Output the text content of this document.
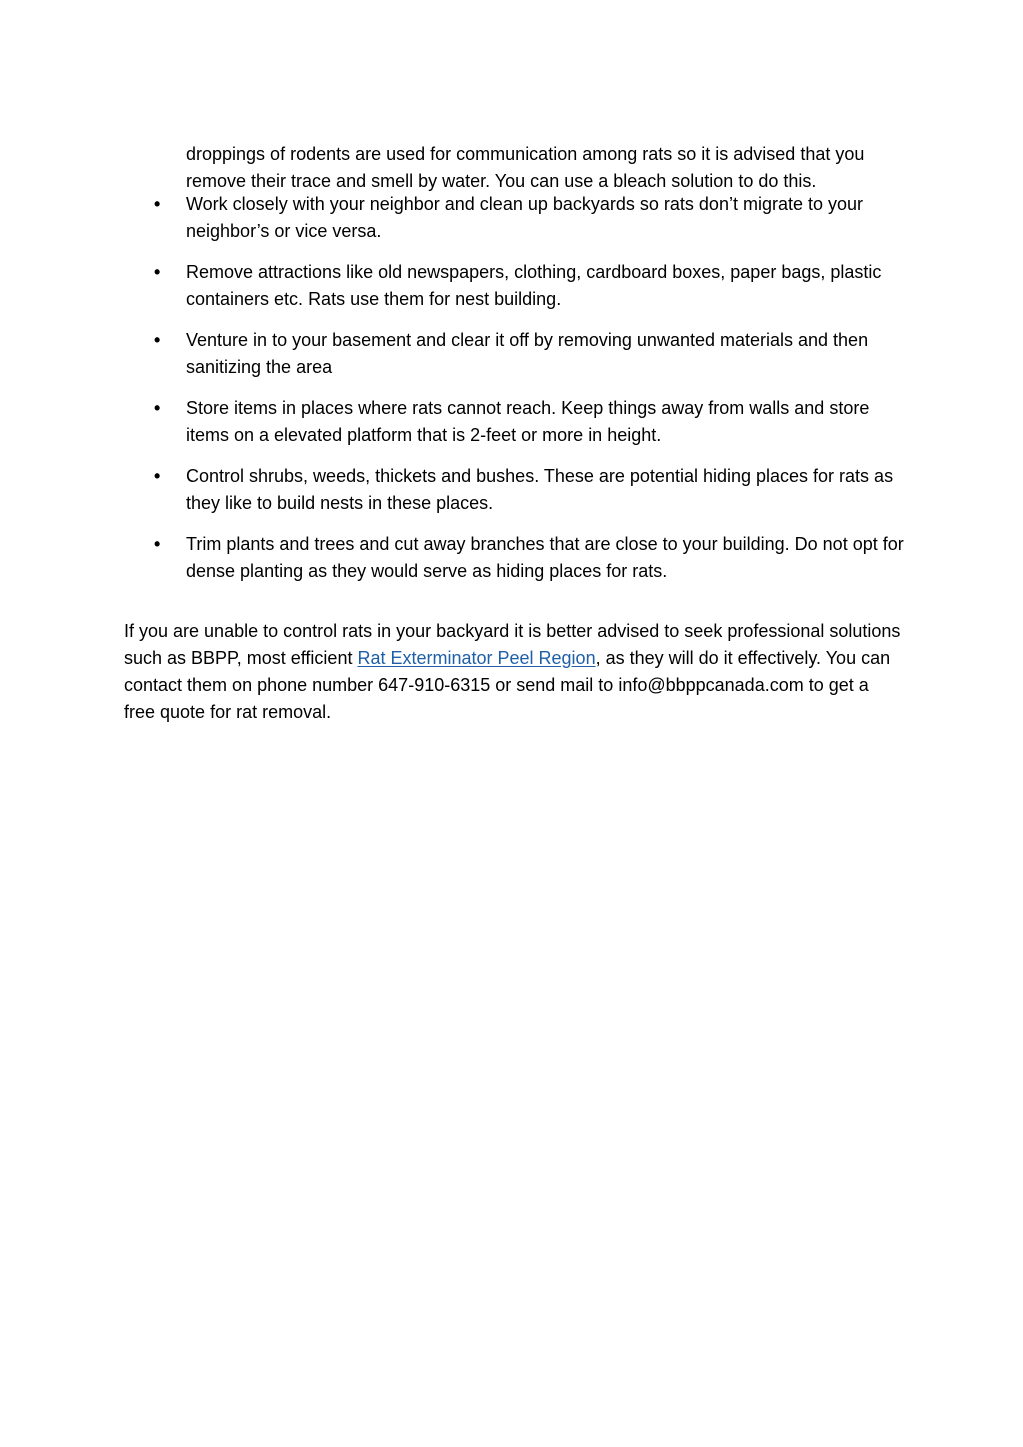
droppings of rodents are used for communication among rats so it is advised that you remove their trace and smell by water. You can use a bleach solution to do this.

•	Work closely with your neighbor and clean up backyards so rats don’t migrate to your neighbor’s or vice versa.
•	Remove attractions like old newspapers, clothing, cardboard boxes, paper bags, plastic containers etc. Rats use them for nest building.
•	Venture in to your basement and clear it off by removing unwanted materials and then sanitizing the area
•	Store items in places where rats cannot reach. Keep things away from walls and store items on a elevated platform that is 2-feet or more in height.
•	Control shrubs, weeds, thickets and bushes. These are potential hiding places for rats as they like to build nests in these places.
•	Trim plants and trees and cut away branches that are close to your building. Do not opt for dense planting as they would serve as hiding places for rats.

If you are unable to control rats in your backyard it is better advised to seek professional solutions such as BBPP, most efficient Rat Exterminator Peel Region, as they will do it effectively. You can contact them on phone number 647-910-6315 or send mail to info@bbppcanada.com to get a free quote for rat removal.
